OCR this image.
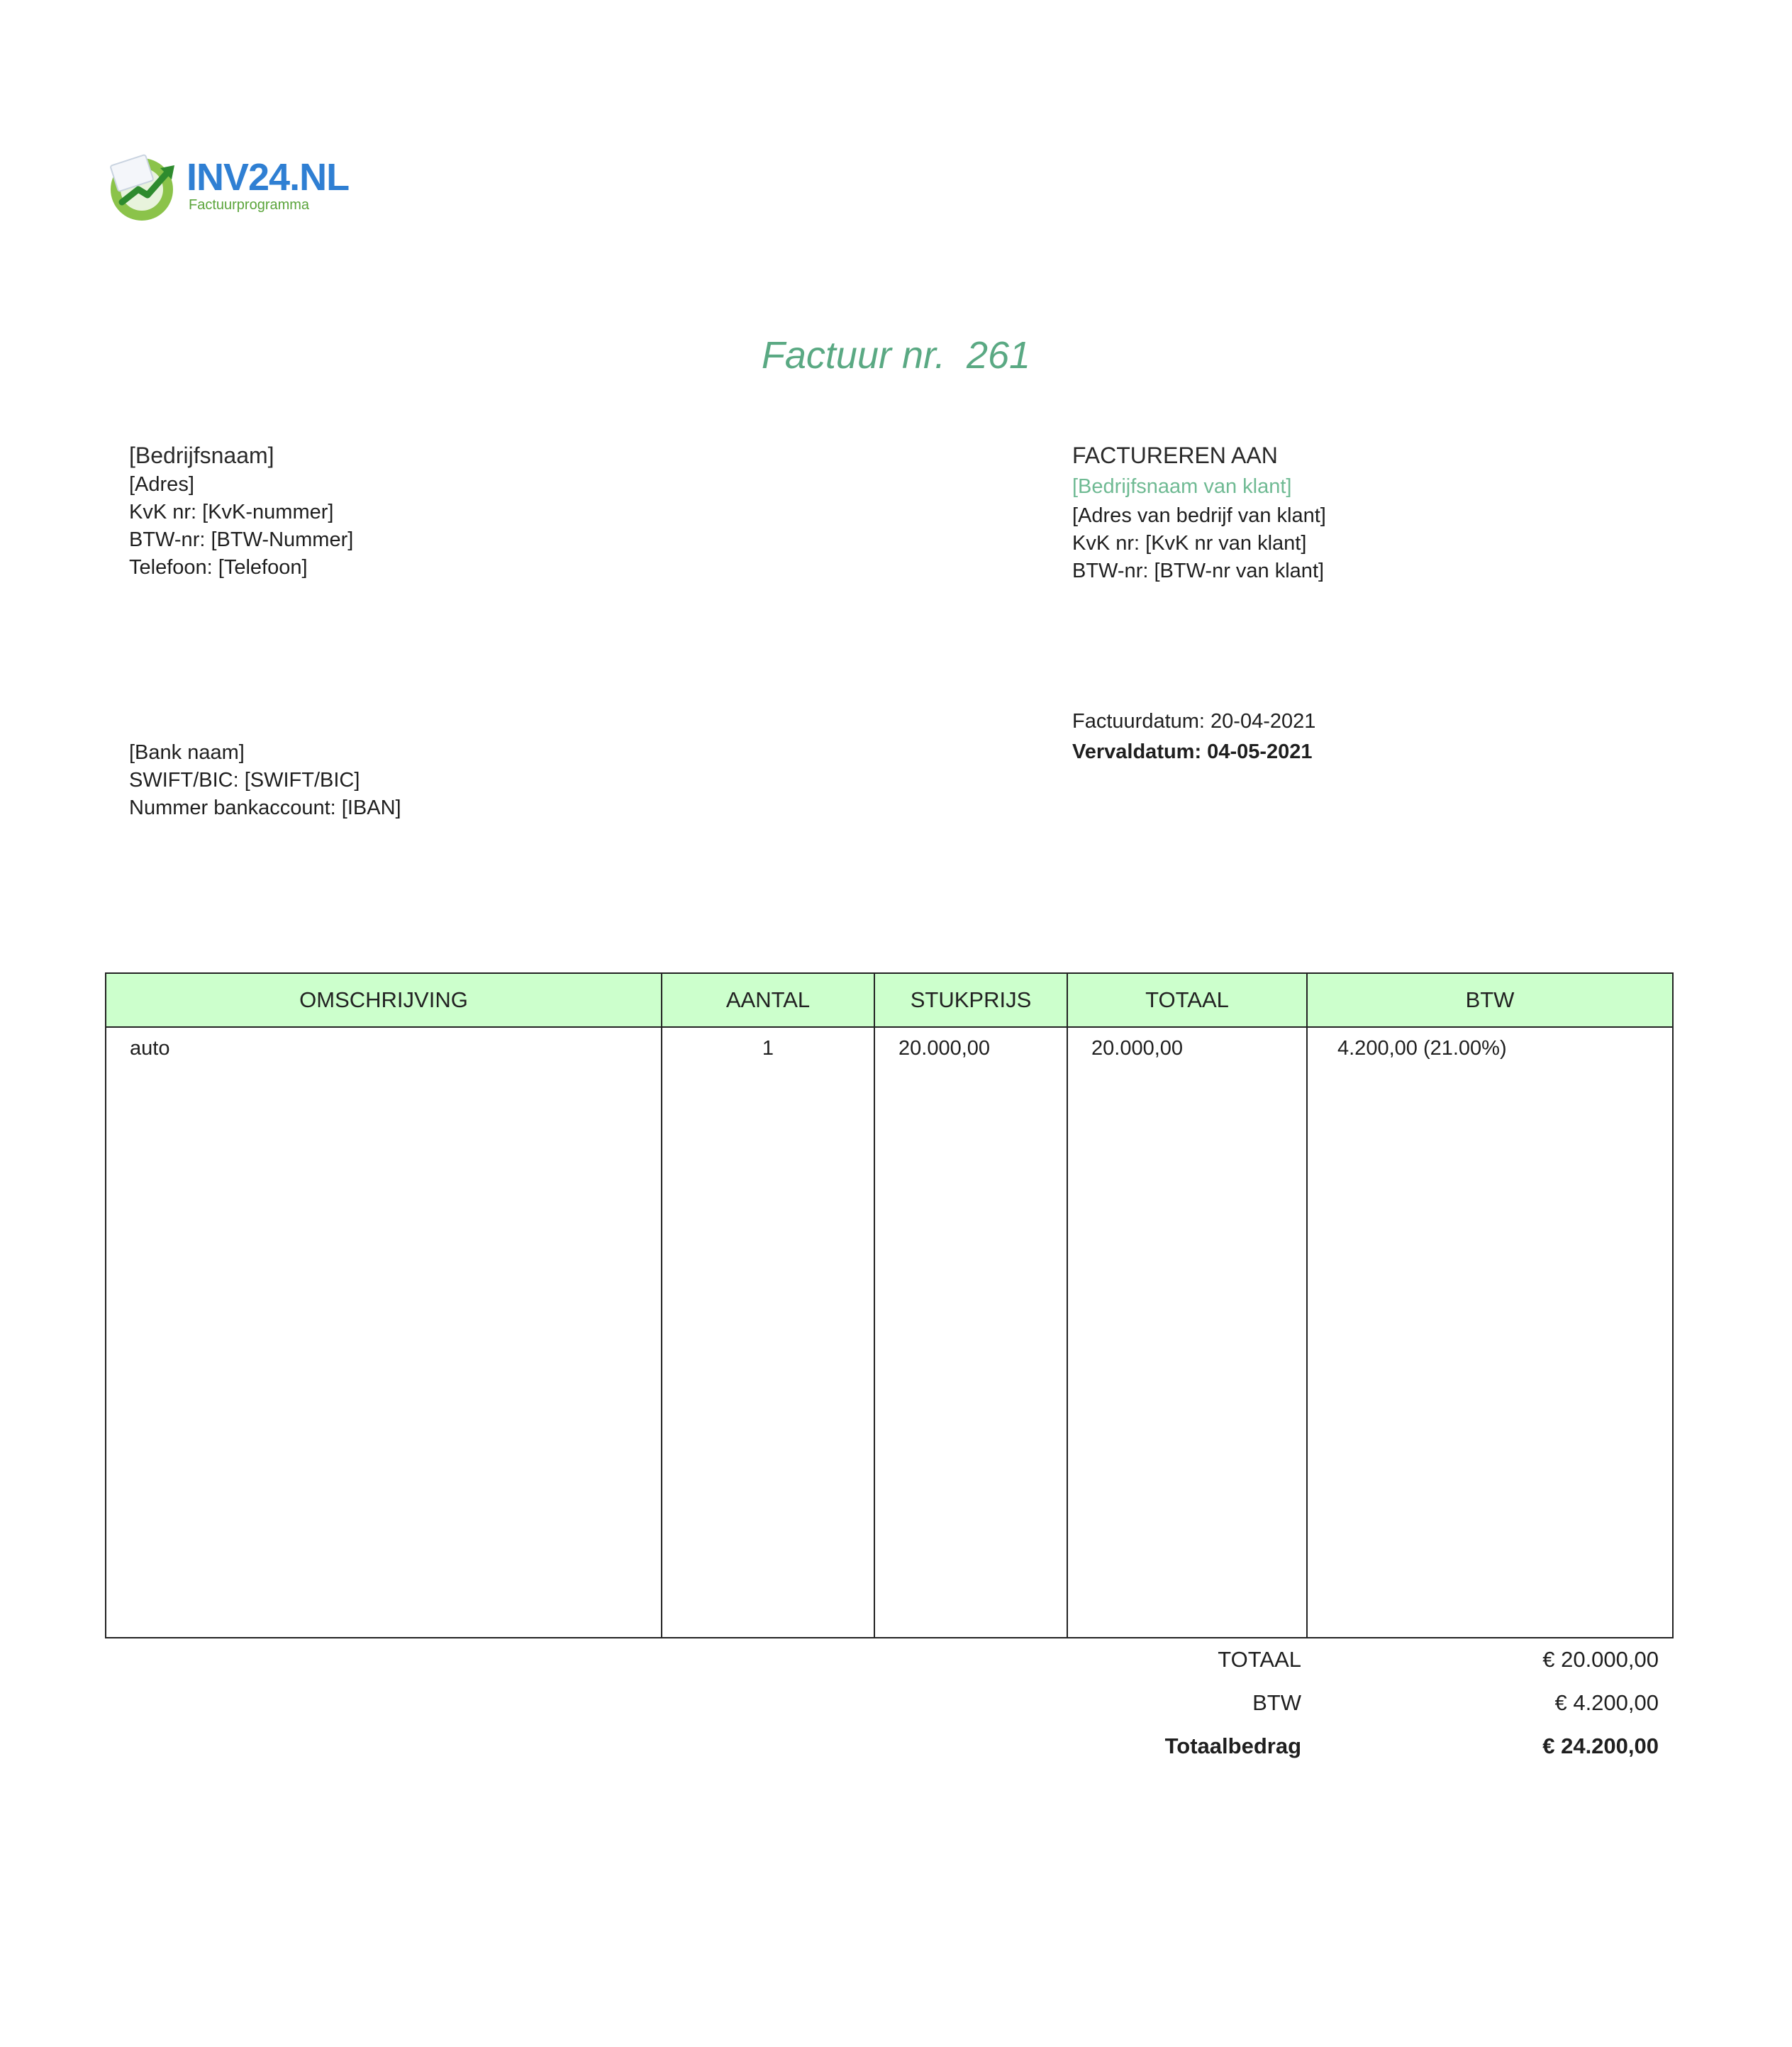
INV24.NL
Factuurprogramma
Factuur nr.  261
[Bedrijfsnaam]
[Adres]
KvK nr: [KvK-nummer]
BTW-nr: [BTW-Nummer]
Telefoon: [Telefoon]
FACTUREREN AAN
[Bedrijfsnaam van klant]
[Adres van bedrijf van klant]
KvK nr: [KvK nr van klant]
BTW-nr: [BTW-nr van klant]
Factuurdatum: 20-04-2021
Vervaldatum: 04-05-2021
[Bank naam]
SWIFT/BIC: [SWIFT/BIC]
Nummer bankaccount: [IBAN]
OMSCHRIJVING	AANTAL	STUKPRIJS	TOTAAL	BTW
auto	1	20.000,00	20.000,00	4.200,00 (21.00%)
TOTAAL	€ 20.000,00
BTW	€ 4.200,00
Totaalbedrag	€ 24.200,00
